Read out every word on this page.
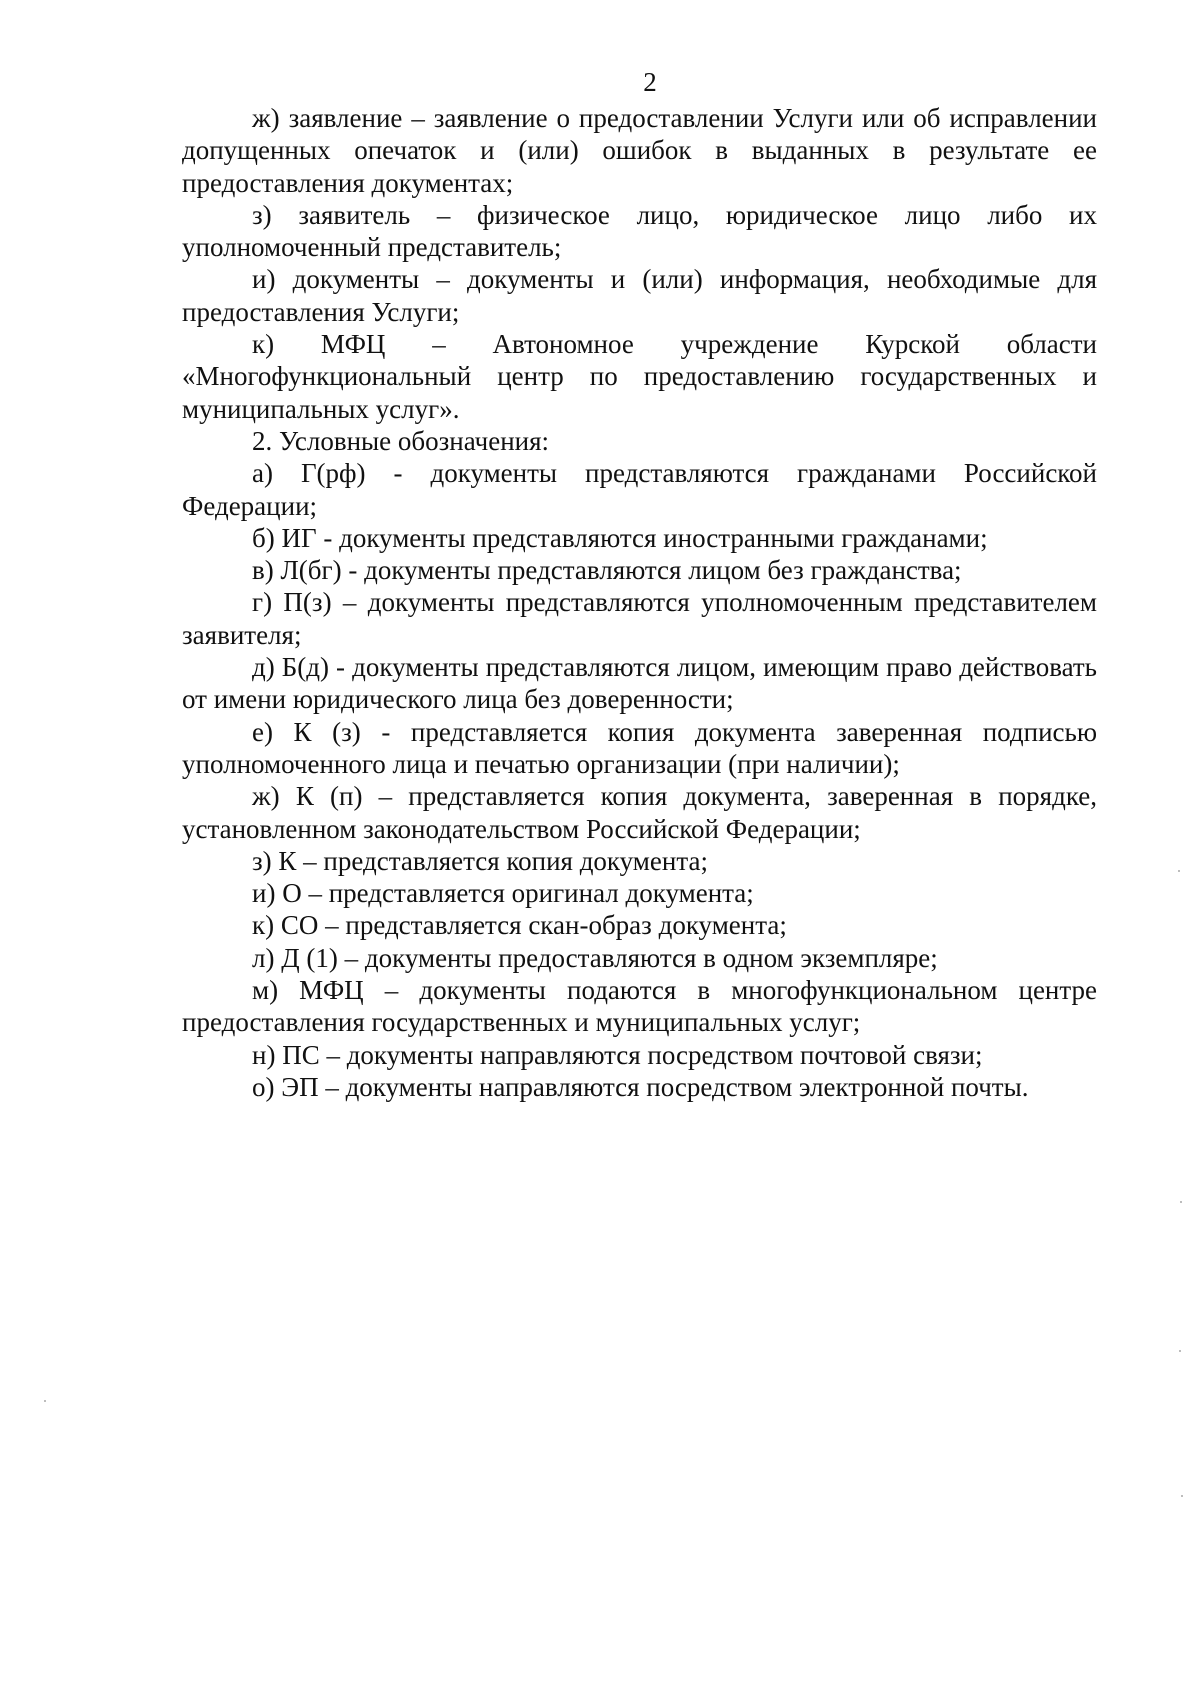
2

ж) заявление – заявление о предоставлении Услуги или об исправлении допущенных опечаток и (или) ошибок в выданных в результате ее предоставления документах;

з) заявитель – физическое лицо, юридическое лицо либо их уполномоченный представитель;

и) документы – документы и (или) информация, необходимые для предоставления Услуги;

к) МФЦ – Автономное учреждение Курской области «Многофункциональный центр по предоставлению государственных и муниципальных услуг».

2. Условные обозначения:

а) Г(рф) - документы представляются гражданами Российской Федерации;

б) ИГ - документы представляются иностранными гражданами;

в) Л(бг) - документы представляются лицом без гражданства;

г) П(з) – документы представляются уполномоченным представителем заявителя;

д) Б(д) - документы представляются лицом, имеющим право действовать от имени юридического лица без доверенности;

е) К (з) - представляется копия документа заверенная подписью уполномоченного лица и печатью организации (при наличии);

ж) К (п) – представляется копия документа, заверенная в порядке, установленном законодательством Российской Федерации;

з) К – представляется копия документа;

и) О – представляется оригинал документа;

к) СО – представляется скан-образ документа;

л) Д (1) – документы предоставляются в одном экземпляре;

м) МФЦ – документы подаются в многофункциональном центре предоставления государственных и муниципальных услуг;

н) ПС – документы направляются посредством почтовой связи;

о) ЭП – документы направляются посредством электронной почты.
